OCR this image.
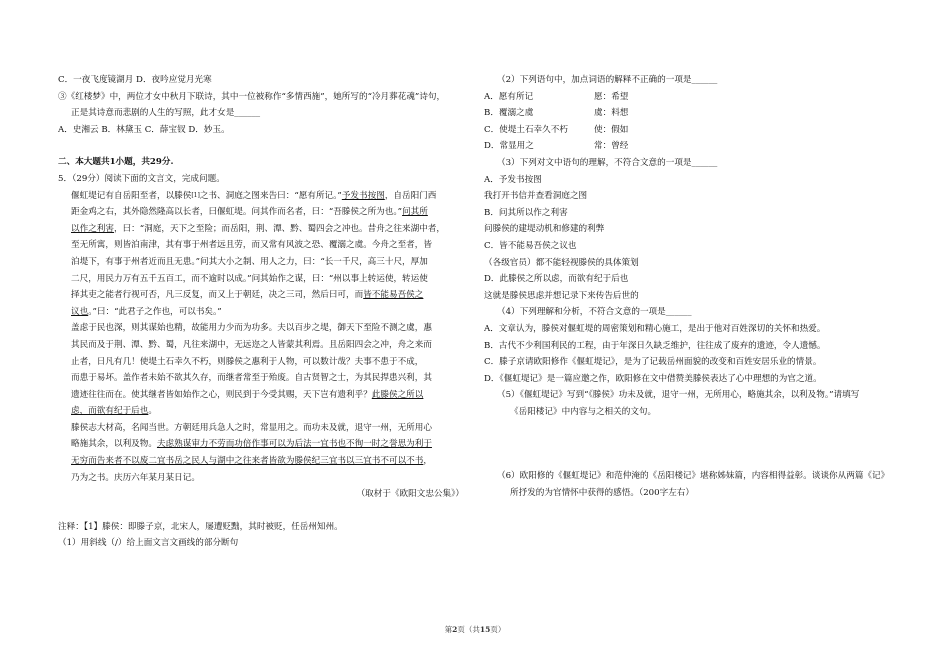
C．一夜飞度镜湖月 D．夜吟应觉月光寒
③《红楼梦》中，两位才女中秋月下联诗，其中一位被称作“多情西施”，她所写的“冷月葬花魂”诗句，
正是其诗意而悲剧的人生的写照，此才女是______
A．史湘云 B．林黛玉 C．薛宝钗 D．妙玉。
二、本大题共1小题，共29分.
5．（29分）阅读下面的文言文，完成问题。
偃虹堤记有自岳阳至者，以滕侯[1]之书、洞庭之图来告曰：“愿有所记。”予发书按图，自岳阳门西
距金鸡之右，其外隐然隆高以长者，曰偃虹堤。问其作而名者，曰：“吾滕侯之所为也。”问其所
以作之利害，曰：“洞庭，天下之至险；而岳阳，荆、潭、黔、蜀四会之冲也。昔舟之往来湖中者，
至无所寓，则皆泊南津，其有事于州者远且劳，而又常有风波之恐、覆溺之虞。今舟之至者，皆
泊堤下，有事于州者近而且无患。”问其大小之制、用人之力，曰：“长一千尺，高三十尺，厚加
二尺，用民力万有五千五百工，而不逾时以成。”问其始作之谋，曰：“州以事上转运使，转运使
择其吏之能者行视可否，凡三反复，而又上于朝廷，决之三司，然后曰可，而皆不能易吾侯之
议也。”曰：“此君子之作也，可以书矣。”
盖虑于民也深，则其谋始也精，故能用力少而为功多。夫以百步之堤，御天下至险不测之虞，惠
其民而及于荆、潭、黔、蜀，凡往来湖中，无远迩之人皆蒙其利焉。且岳阳四会之冲，舟之来而
止者，日凡有几！使堤土石幸久不朽，则滕侯之惠利于人物，可以数计哉？夫事不患于不成，
而患于易坏。盖作者未始不欲其久存，而继者常至于殆废。自古贤智之士，为其民捍患兴利，其
遗迹往往而在。使其继者皆如始作之心，则民到于今受其赐，天下岂有遗利乎？此滕侯之所以
虑，而欲有纪于后也。
滕侯志大材高，名闻当世。方朝廷用兵急人之时，常显用之。而功未及就，退守一州，无所用心
略施其余，以利及物。夫虑熟谋审力不劳而功倍作事可以为后法一宜书也不徇一时之誉思为利于
无穷而告来者不以废二宜书岳之民人与湖中之往来者皆欲为滕侯纪三宜书以三宜书不可以不书，
乃为之书。庆历六年某月某日记。
（取材于《欧阳文忠公集》）
注释：【1】滕侯：即滕子京，北宋人，屡遭贬黜，其时被贬，任岳州知州。
（1）用斜线（/）给上面文言文画线的部分断句
（2）下列语句中，加点词语的解释不正确的一项是______
A．愿有所记	愿：希望
B．覆溺之虞	虞：料想
C．使堤土石幸久不朽	使：假如
D．常显用之	常：曾经
（3）下列对文中语句的理解，不符合文意的一项是______
A．予发书按图
我打开书信并查看洞庭之图
B．问其所以作之利害
问滕侯的建堤动机和修建的利弊
C．皆不能易吾侯之议也
（各级官员）都不能轻视滕侯的具体策划
D．此滕侯之所以虑，而欲有纪于后也
这就是滕侯思虑并想记录下来传告后世的
（4）下列理解和分析，不符合文意的一项是______
A．文章认为，滕侯对偃虹堤的周密策划和精心施工，是出于他对百姓深切的关怀和热爱。
B．古代不少利国利民的工程，由于年深日久缺乏维护，往往成了废弃的遗迹，令人遗憾。
C．滕子京请欧阳修作《偃虹堤记》，是为了记载岳州面貌的改变和百姓安居乐业的情景。
D．《偃虹堤记》是一篇应邀之作，欧阳修在文中借赞美滕侯表达了心中理想的为官之道。
（5）《偃虹堤记》写到“《滕侯》功未及就，退守一州，无所用心，略施其余，以利及物。”请填写
《岳阳楼记》中内容与之相关的文句。
（6）欧阳修的《偃虹堤记》和范仲淹的《岳阳楼记》堪称姊妹篇，内容相得益彰。谈谈你从两篇《记》
所抒发的为官情怀中获得的感悟。（200字左右）
第2页（共15页）
